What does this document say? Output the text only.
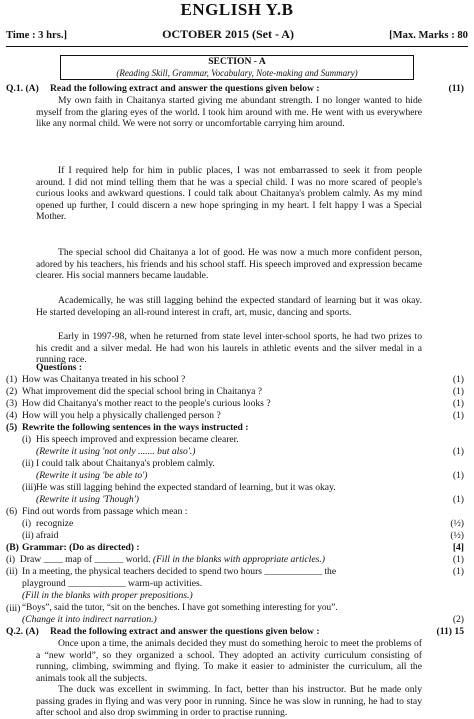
ENGLISH Y.B
Time : 3 hrs.]	OCTOBER 2015 (Set - A)	[Max. Marks : 80
SECTION - A
(Reading Skill, Grammar, Vocabulary, Note-making and Summary)
Q.1. (A) Read the following extract and answer the questions given below :	(11)

My own faith in Chaitanya started giving me abundant strength. I no longer wanted to hide myself from the glaring eyes of the world. I took him around with me. He went with us everywhere like any normal child. We were not sorry or uncomfortable carrying him around.

If I required help for him in public places, I was not embarrassed to seek it from people around. I did not mind telling them that he was a special child. I was no more scared of people's curious looks and awkward questions. I could talk about Chaitanya's problem calmly. As my mind opened up further, I could discern a new hope springing in my heart. I felt happy I was a Special Mother.

The special school did Chaitanya a lot of good. He was now a much more confident person, adored by his teachers, his friends and his school staff. His speech improved and expression became clearer. His social manners became laudable.

Academically, he was still lagging behind the expected standard of learning but it was okay. He started developing an all-round interest in craft, art, music, dancing and sports.

Early in 1997-98, when he returned from state level inter-school sports, he had two prizes to his credit and a silver medal. He had won his laurels in athletic events and the silver medal in a running race.

Questions :
(1) How was Chaitanya treated in his school ?	(1)
(2) What improvement did the special school bring in Chaitanya ?	(1)
(3) How did Chaitanya's mother react to the people's curious looks ?	(1)
(4) How will you help a physically challenged person ?	(1)
(5) Rewrite the following sentences in the ways instructed :
(i) His speech improved and expression became clearer.
(Rewrite it using 'not only ....... but also'.)	(1)
(ii) I could talk about Chaitanya's problem calmly.
(Rewrite it using 'be able to')	(1)
(iii) He was still lagging behind the expected standard of learning, but it was okay.
(Rewrite it using 'Though')	(1)
(6) Find out words from passage which mean :
(i) recognize	(½)
(ii) afraid	(½)
(B) Grammar: (Do as directed) :	[4]
(i) Draw ____ map of ______ world. (Fill in the blanks with appropriate articles.)	(1)
(ii) In a meeting, the physical teachers decided to spend two hours ____________ the
playground ____________ warm-up activities.
(Fill in the blanks with proper prepositions.)
(1)
(iii) “Boys”, said the tutor, “sit on the benches. I have got something interesting for you”.
(Change it into indirect narration.)	(2)
Q.2. (A) Read the following extract and answer the questions given below :	(11) 15

Once upon a time, the animals decided they must do something heroic to meet the problems of a “new world”, so they organized a school. They adopted an activity curriculum consisting of running, climbing, swimming and flying. To make it easier to administer the curriculum, all the animals took all the subjects.

The duck was excellent in swimming. In fact, better than his instructor. But he made only passing grades in flying and was very poor in running. Since he was slow in running, he had to stay after school and also drop swimming in order to practise running.
